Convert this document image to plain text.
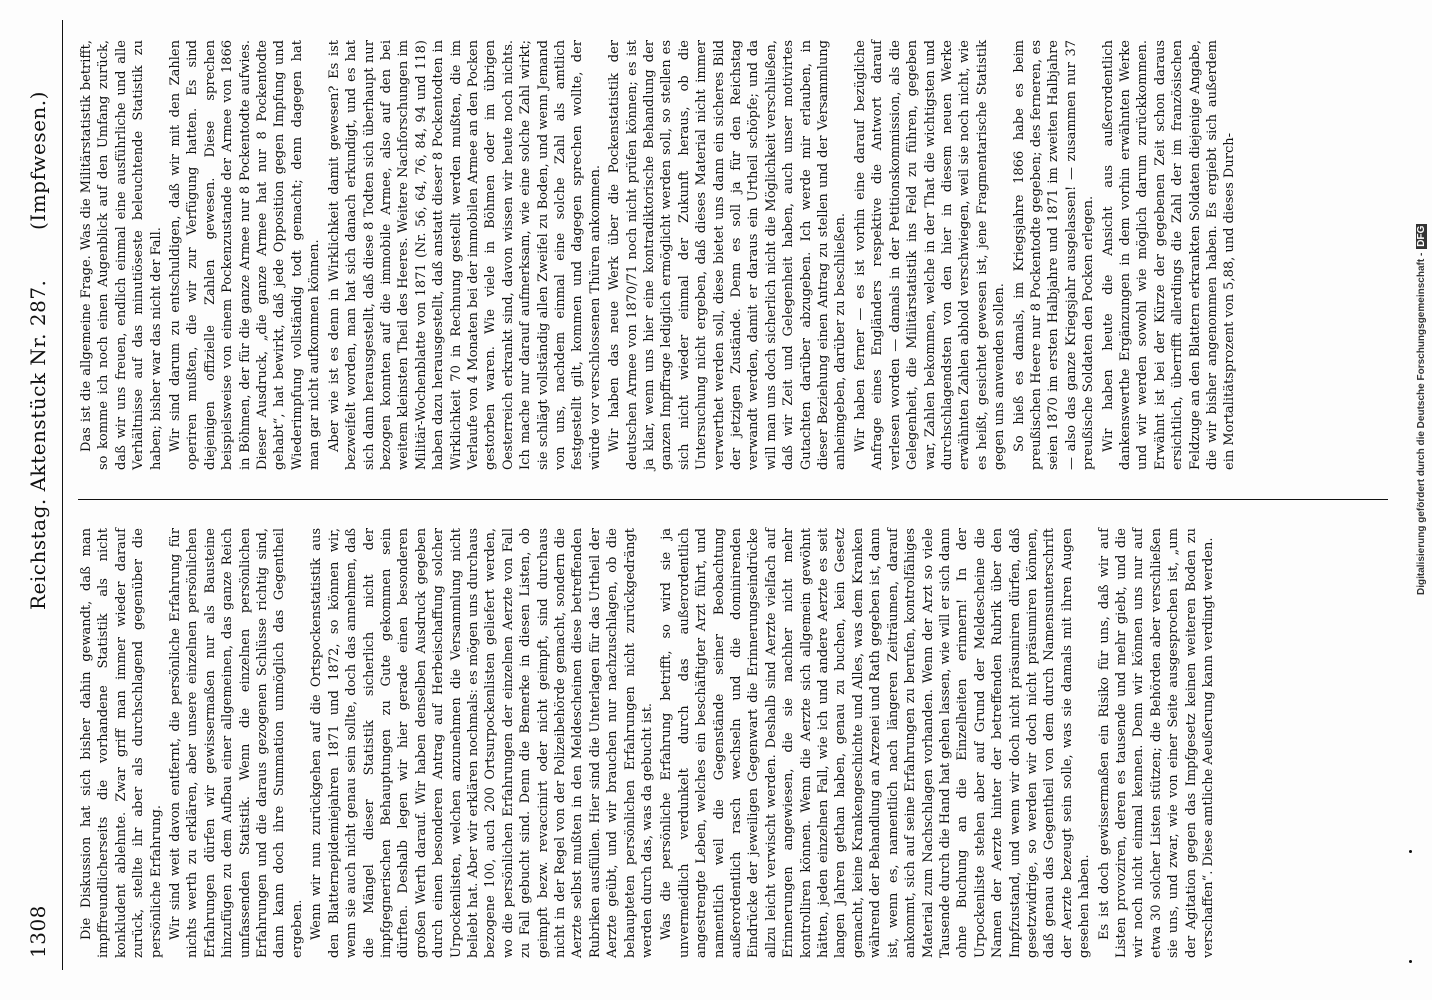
1308
Reichstag. Aktenstück Nr. 287.
(Impfwesen.)

Die Diskussion hat sich bisher dahin gewandt, daß man impffreundlicherseits die vorhandene Statistik als nicht konkludent ablehnte. Zwar griff man immer wieder darauf zurück, stellte ihr aber als durchschlagend gegenüber die persönliche Erfahrung. Wir sind weit davon entfernt, die persönliche Erfahrung für nichts werth zu erklären, aber unsere einzelnen persönlichen Erfahrungen dürfen wir gewissermaßen nur als Bausteine hinzufügen zu dem Aufbau einer allgemeinen, das ganze Reich umfassenden Statistik. Wenn die einzelnen persönlichen Erfahrungen und die daraus gezogenen Schlüsse richtig sind, dann kann doch ihre Summation unmöglich das Gegentheil ergeben. Wenn wir nun zurückgehen auf die Ortspockenstatistik aus den Blatternepidemiejahren 1871 und 1872, so können wir, wenn sie auch nicht genau sein sollte, doch das annehmen, daß die Mängel dieser Statistik sicherlich nicht der impfgegnerischen Behauptungen zu Gute gekommen sein dürften. Deshalb legen wir hier gerade einen besonderen großen Werth darauf. Wir haben denselben Ausdruck gegeben durch einen besonderen Antrag auf Herbeischaffung solcher Urpockenlisten, welchen anzunehmen die Versammlung nicht beliebt hat. Aber wir erklären nochmals: es mögen uns durchaus bezogene 100, auch 200 Ortsurpockenlisten geliefert werden, wo die persönlichen Erfahrungen der einzelnen Aerzte von Fall zu Fall gebucht sind. Denn die Bemerke in diesen Listen, ob geimpft bezw. revaccinirt oder nicht geimpft, sind durchaus nicht in der Regel von der Polizeibehörde gemacht, sondern die Aerzte selbst mußten in den Meldescheinen diese betreffenden Rubriken ausfüllen. Hier sind die Unterlagen für das Urtheil der Aerzte geübt, und wir brauchen nur nachzuschlagen, ob die behaupteten persönlichen Erfahrungen nicht zurückgedrängt werden durch das, was da gebucht ist. Was die persönliche Erfahrung betrifft, so wird sie ja unvermeidlich verdunkelt durch das außerordentlich angestrengte Leben, welches ein beschäftigter Arzt führt, und namentlich weil die Gegenstände seiner Beobachtung außerordentlich rasch wechseln und die dominirenden Eindrücke der jeweiligen Gegenwart die Erinnerungseindrücke allzu leicht verwischt werden. Deshalb sind Aerzte vielfach auf Erinnerungen angewiesen, die sie nachher nicht mehr kontrolliren können. Wenn die Aerzte sich allgemein gewöhnt hätten, jeden einzelnen Fall, wie ich und andere Aerzte es seit langen Jahren gethan haben, genau zu buchen, kein Gesetz gemacht, keine Krankengeschichte und Alles, was dem Kranken während der Behandlung an Arzenei und Rath gegeben ist, dann ist, wenn es, namentlich nach längeren Zeiträumen, darauf ankommt, sich auf seine Erfahrungen zu berufen, kontrolfähiges Material zum Nachschlagen vorhanden. Wenn der Arzt so viele Tausende durch die Hand hat gehen lassen, wie will er sich dann ohne Buchung an die Einzelheiten erinnern! In der Urpockenliste stehen aber auf Grund der Meldescheine die Namen der Aerzte hinter der betreffenden Rubrik über den Impfzustand, und wenn wir doch nicht präsumiren dürfen, daß gesetzwidrige, so werden wir doch nicht präsumiren können, daß genau das Gegentheil von dem durch Namensunterschrift der Aerzte bezeugt sein solle, was sie damals mit ihren Augen gesehen haben. Es ist doch gewissermaßen ein Risiko für uns, daß wir auf Listen provoziren, deren es tausende und mehr giebt, und die wir noch nicht einmal kennen. Denn wir können uns nur auf etwa 30 solcher Listen stützen; die Behörden aber verschließen sie uns, und zwar, wie von einer Seite ausgesprochen ist, „um der Agitation gegen das Impfgesetz keinen weiteren Boden zu verschaffen“. Diese amtliche Aeußerung kann verdingt werden.

Das ist die allgemeine Frage. Was die Militärstatistik betrifft, so komme ich noch einen Augenblick auf den Umfang zurück, daß wir uns freuen, endlich einmal eine ausführliche und alle Verhältnisse auf das minutiöseste beleuchtende Statistik zu haben; bisher war das nicht der Fall. Wir sind darum zu entschuldigen, daß wir mit den Zahlen operiren mußten, die wir zur Verfügung hatten. Es sind diejenigen offizielle Zahlen gewesen. Diese sprechen beispielsweise von einem Pockenzustande der Armee von 1866 in Böhmen, der für die ganze Armee nur 8 Pockentodte aufwies. Dieser Ausdruck, „die ganze Armee hat nur 8 Pockentodte gehabt“, hat bewirkt, daß jede Opposition gegen Impfung und Wiederimpfung vollständig todt gemacht; denn dagegen hat man gar nicht aufkommen können. Aber wie ist es denn in Wirklichkeit damit gewesen? Es ist bezweifelt worden, man hat sich danach erkundigt, und es hat sich dann herausgestellt, daß diese 8 Todten sich überhaupt nur bezogen konnten auf die immobile Armee, also auf den bei weitem kleinsten Theil des Heeres. Weitere Nachforschungen im Militär-Wochenblatte von 1871 (Nr. 56, 64, 76, 84, 94 und 118) haben dazu herausgestellt, daß anstatt dieser 8 Pockentodten in Wirklichkeit 70 in Rechnung gestellt werden mußten, die im Verlaufe von 4 Monaten bei der immobilen Armee an den Pocken gestorben waren. Wie viele in Böhmen oder im übrigen Oesterreich erkrankt sind, davon wissen wir heute noch nichts. Ich mache nur darauf aufmerksam, wie eine solche Zahl wirkt; sie schlägt vollständig allen Zweifel zu Boden, und wenn Jemand von uns, nachdem einmal eine solche Zahl als amtlich festgestellt gilt, kommen und dagegen sprechen wollte, der würde vor verschlossenen Thüren ankommen. Wir haben das neue Werk über die Pockenstatistik der deutschen Armee von 1870/71 noch nicht prüfen können; es ist ja klar, wenn uns hier eine kontradiktorische Behandlung der ganzen Impffrage lediglich ermöglicht werden soll, so stellen es sich nicht wieder einmal der Zukunft heraus, ob die Untersuchung nicht ergeben, daß dieses Material nicht immer verwerthet werden soll, diese bietet uns dann ein sicheres Bild der jetzigen Zustände. Denn es soll ja für den Reichstag verwandt werden, damit er daraus ein Urtheil schöpfe; und da will man uns doch sicherlich nicht die Möglichkeit verschließen, daß wir Zeit und Gelegenheit haben, auch unser motivirtes Gutachten darüber abzugeben. Ich werde mir erlauben, in dieser Beziehung einen Antrag zu stellen und der Versammlung anheimgeben, darüber zu beschließen. Wir haben ferner — es ist vorhin eine darauf bezügliche Anfrage eines Engländers respektive die Antwort darauf verlesen worden — damals in der Petitionskommission, als die Gelegenheit, die Militärstatistik ins Feld zu führen, gegeben war, Zahlen bekommen, welche in der That die wichtigsten und durchschlagendsten von den hier in diesem neuen Werke erwähnten Zahlen abhold verschwiegen, weil sie noch nicht, wie es heißt, gesichtet gewesen ist, jene Fragmentarische Statistik gegen uns anwenden sollen. So hieß es damals, im Kriegsjahre 1866 habe es beim preußischen Heere nur 8 Pockentodte gegeben; des ferneren, es seien 1870 im ersten Halbjahre und 1871 im zweiten Halbjahre — also das ganze Kriegsjahr ausgelassen! — zusammen nur 37 preußische Soldaten den Pocken erlegen. Wir haben heute die Ansicht aus außerordentlich dankenswerthe Ergänzungen in dem vorhin erwähnten Werke und wir werden sowohl wie möglich darum zurückkommen. Erwähnt ist bei der Kürze der gegebenen Zeit schon daraus ersichtlich, überrifft allerdings die Zahl der im französischen Feldzuge an den Blattern erkrankten Soldaten diejenige Angabe, die wir bisher angenommen haben. Es ergiebt sich außerdem ein Mortalitätsprozent von 5,88, und dieses Durch-	Digitalisierung gefördert durch die Deutsche Forschungsgemeinschaft -DFG
